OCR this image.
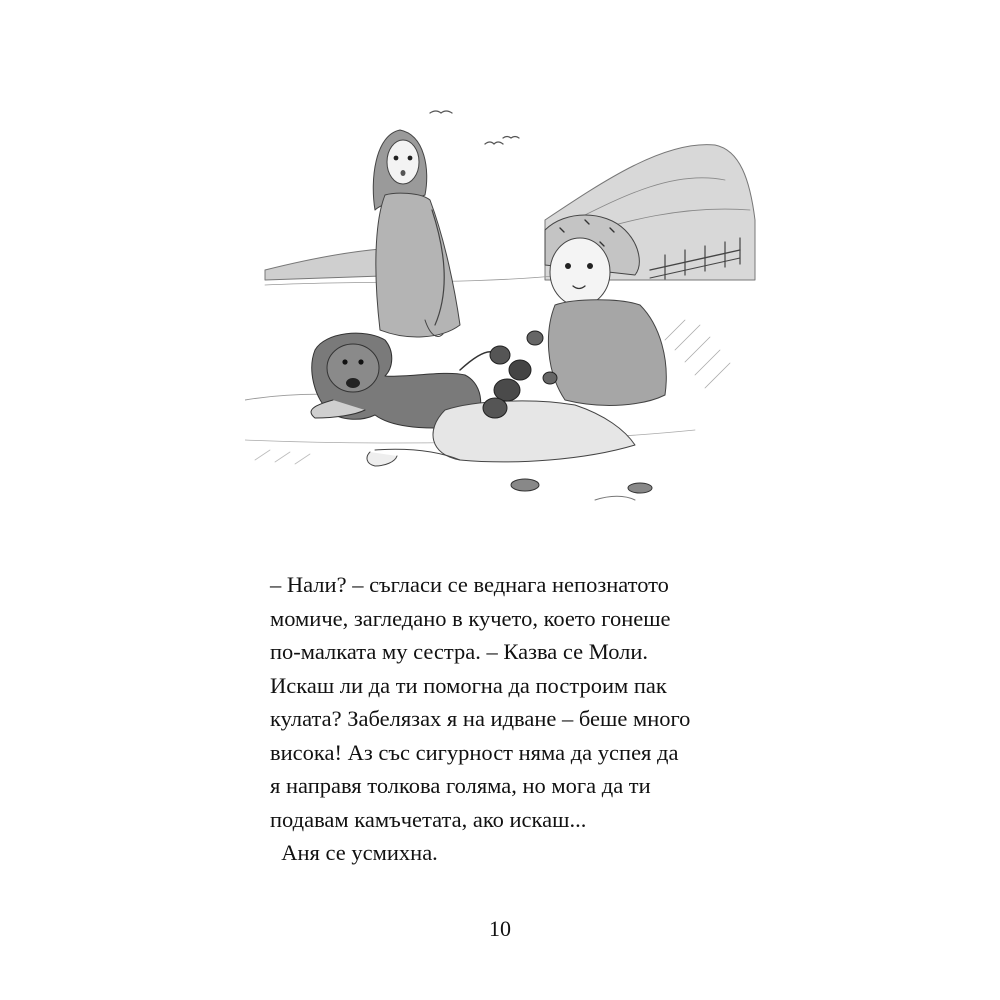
– Нали? – съгласи се веднага непознатото
момиче, загледано в кучето, което гонеше
по-малката му сестра. – Казва се Моли.
Искаш ли да ти помогна да построим пак
кулата? Забелязах я на идване – беше много
висока! Аз със сигурност няма да успея да
я направя толкова голяма, но мога да ти
подавам камъчетата, ако искаш...
Аня се усмихна.
10
